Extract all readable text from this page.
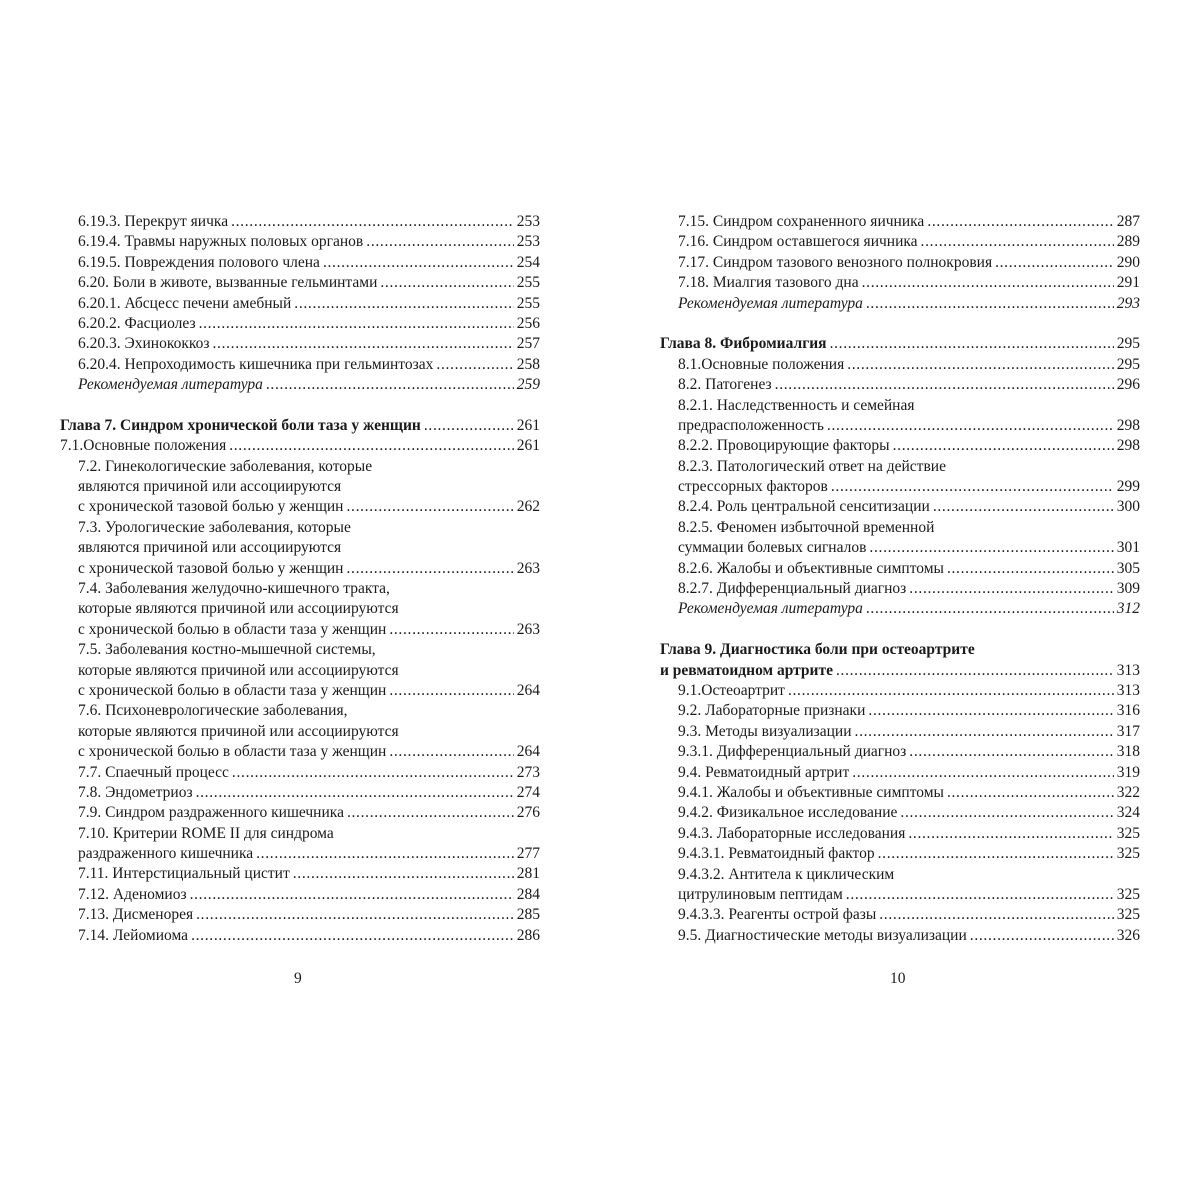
6.19.3. Перекрут яичка . . .	253
6.19.4. Травмы наружных половых органов . . .	253
6.19.5. Повреждения полового члена . . .	254
6.20. Боли в животе, вызванные гельминтами . . .	255
6.20.1. Абсцесс печени амебный . . .	255
6.20.2. Фасциолез . . .	256
6.20.3. Эхинококкоз . . .	257
6.20.4. Непроходимость кишечника при гельминтозах . . .	258
Рекомендуемая литература . . .	259
Глава 7. Синдром хронической боли таза у женщин . . .	261
7.1.Основные положения . . .	261
7.2. Гинекологические заболевания, которые
являются причиной или ассоциируются
с хронической тазовой болью у женщин . . .	262
7.3. Урологические заболевания, которые
являются причиной или ассоциируются
с хронической тазовой болью у женщин . . .	263
7.4. Заболевания желудочно-кишечного тракта,
которые являются причиной или ассоциируются
с хронической болью в области таза у женщин . . .	263
7.5. Заболевания костно-мышечной системы,
которые являются причиной или ассоциируются
с хронической болью в области таза у женщин . . .	264
7.6. Психоневрологические заболевания,
которые являются причиной или ассоциируются
с хронической болью в области таза у женщин . . .	264
7.7. Спаечный процесс . . .	273
7.8. Эндометриоз . . .	274
7.9. Синдром раздраженного кишечника . . .	276
7.10. Критерии ROME II для синдрома
раздраженного кишечника . . .	277
7.11. Интерстициальный цистит . . .	281
7.12. Аденомиоз . . .	284
7.13. Дисменорея . . .	285
7.14. Лейомиома . . .	286
7.15. Синдром сохраненного яичника . . .	287
7.16. Синдром оставшегося яичника . . .	289
7.17. Синдром тазового венозного полнокровия . . .	290
7.18. Миалгия тазового дна . . .	291
Рекомендуемая литература . . .	293
Глава 8. Фибромиалгия . . .	295
8.1.Основные положения . . .	295
8.2. Патогенез . . .	296
8.2.1. Наследственность и семейная
предрасположенность . . .	298
8.2.2. Провоцирующие факторы . . .	298
8.2.3. Патологический ответ на действие
стрессорных факторов . . .	299
8.2.4. Роль центральной сенситизации . . .	300
8.2.5. Феномен избыточной временной
суммации болевых сигналов . . .	301
8.2.6. Жалобы и объективные симптомы . . .	305
8.2.7. Дифференциальный диагноз . . .	309
Рекомендуемая литература . . .	312
Глава 9. Диагностика боли при остеоартрите
и ревматоидном артрите . . .	313
9.1.Остеоартрит . . .	313
9.2. Лабораторные признаки . . .	316
9.3. Методы визуализации . . .	317
9.3.1. Дифференциальный диагноз . . .	318
9.4. Ревматоидный артрит . . .	319
9.4.1. Жалобы и объективные симптомы . . .	322
9.4.2. Физикальное исследование . . .	324
9.4.3. Лабораторные исследования . . .	325
9.4.3.1. Ревматоидный фактор . . .	325
9.4.3.2. Антитела к циклическим
цитрулиновым пептидам . . .	325
9.4.3.3. Реагенты острой фазы . . .	325
9.5. Диагностические методы визуализации . . .	326
9	10
